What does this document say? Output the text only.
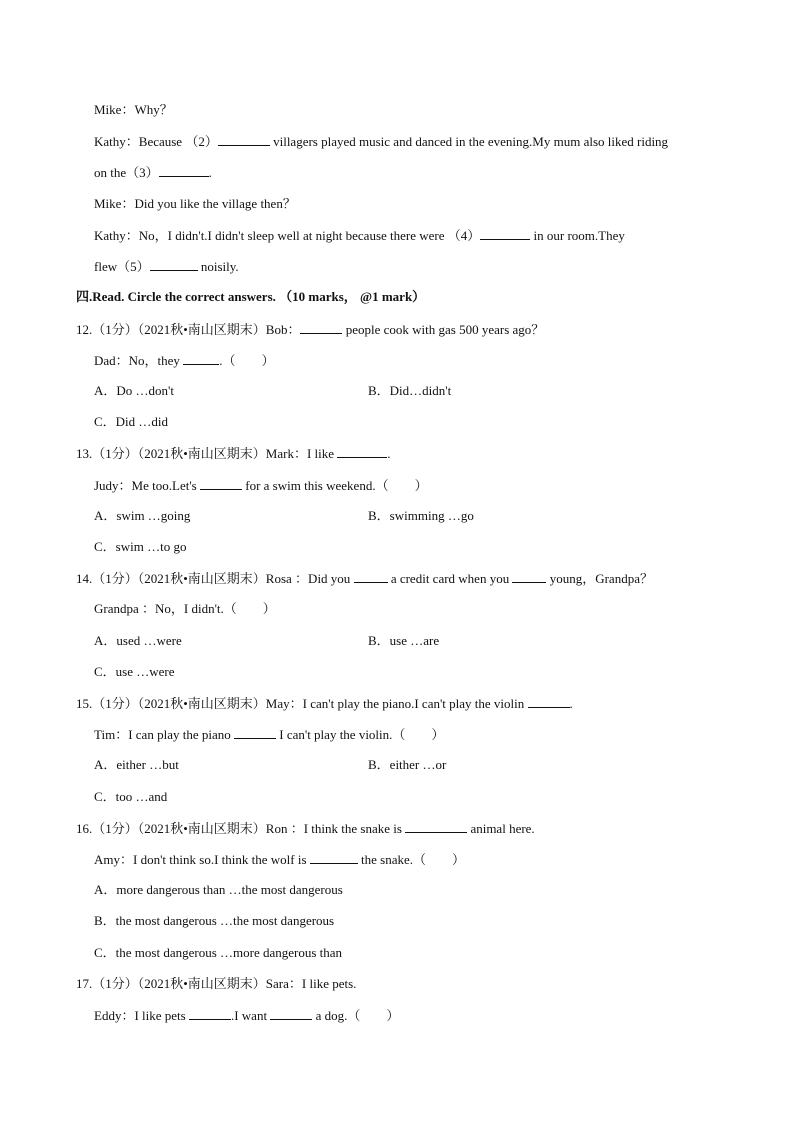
Mike：Why？
Kathy：Because （2）	villagers played music and danced in the evening.My mum also liked riding
on the（3）	.
Mike：Did you like the village then？
Kathy：No，I didn't.I didn't sleep well at night because there were （4）	in our room.They
flew（5）	noisily.
四.Read. Circle the correct answers. （10 marks， @1 mark）
12.（1分）（2021秋•南山区期末）Bob：	people cook with gas 500 years ago？
Dad：No，they	.（　　）
A．Do …don't	B．Did…didn't
C．Did …did
13.（1分）（2021秋•南山区期末）Mark：I like	.
Judy：Me too.Let's	for a swim this weekend.（　　）
A．swim …going	B．swimming …go
C．swim …to go
14.（1分）（2021秋•南山区期末）Rosa ：Did you	a credit card when you	young，Grandpa？
Grandpa ：No，I didn't.（　　）
A．used …were	B．use …are
C．use …were
15.（1分）（2021秋•南山区期末）May：I can't play the piano.I can't play the violin	.
Tim：I can play the piano	I can't play the violin.（　　）
A．either …but	B．either …or
C．too …and
16.（1分）（2021秋•南山区期末）Ron ：I think the snake is	animal here.
Amy：I don't think so.I think the wolf is	the snake.（　　）
A．more dangerous than …the most dangerous
B．the most dangerous …the most dangerous
C．the most dangerous …more dangerous than
17.（1分）（2021秋•南山区期末）Sara：I like pets.
Eddy：I like pets	.I want	a dog.（　　）
